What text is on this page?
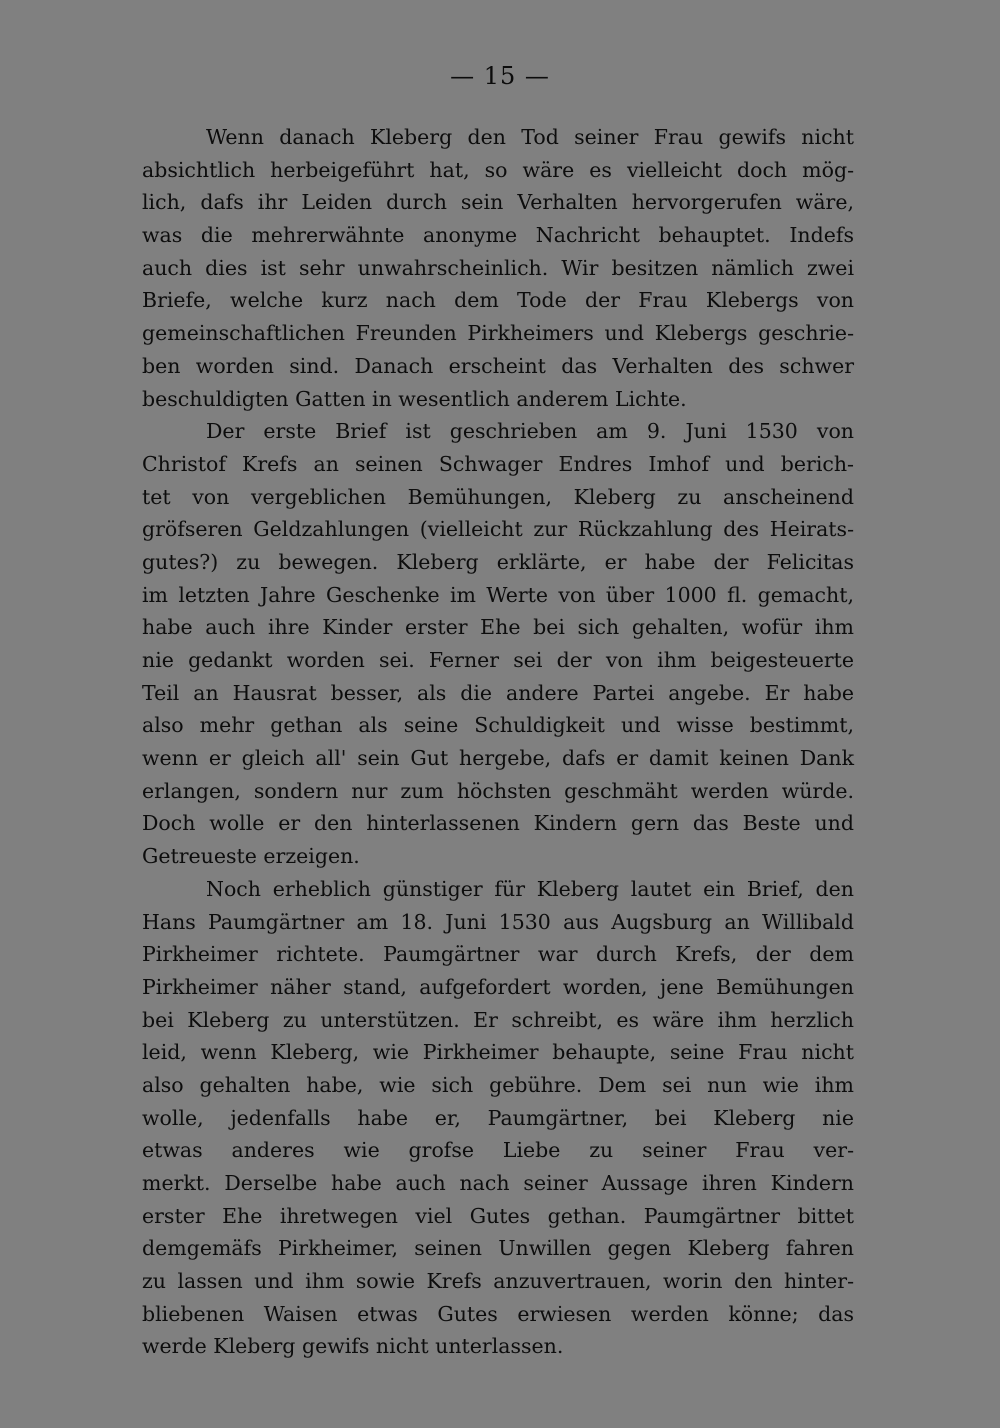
— 15 —
Wenn danach Kleberg den Tod seiner Frau gewifs nicht
absichtlich herbeigeführt hat, so wäre es vielleicht doch mög-
lich, dafs ihr Leiden durch sein Verhalten hervorgerufen wäre,
was die mehrerwähnte anonyme Nachricht behauptet. Indefs
auch dies ist sehr unwahrscheinlich. Wir besitzen nämlich zwei
Briefe, welche kurz nach dem Tode der Frau Klebergs von
gemeinschaftlichen Freunden Pirkheimers und Klebergs geschrie-
ben worden sind. Danach erscheint das Verhalten des schwer
beschuldigten Gatten in wesentlich anderem Lichte.
Der erste Brief ist geschrieben am 9. Juni 1530 von
Christof Krefs an seinen Schwager Endres Imhof und berich-
tet von vergeblichen Bemühungen, Kleberg zu anscheinend
gröfseren Geldzahlungen (vielleicht zur Rückzahlung des Heirats-
gutes?) zu bewegen. Kleberg erklärte, er habe der Felicitas
im letzten Jahre Geschenke im Werte von über 1000 fl. gemacht,
habe auch ihre Kinder erster Ehe bei sich gehalten, wofür ihm
nie gedankt worden sei. Ferner sei der von ihm beigesteuerte
Teil an Hausrat besser, als die andere Partei angebe. Er habe
also mehr gethan als seine Schuldigkeit und wisse bestimmt,
wenn er gleich all' sein Gut hergebe, dafs er damit keinen Dank
erlangen, sondern nur zum höchsten geschmäht werden würde.
Doch wolle er den hinterlassenen Kindern gern das Beste und
Getreueste erzeigen.
Noch erheblich günstiger für Kleberg lautet ein Brief, den
Hans Paumgärtner am 18. Juni 1530 aus Augsburg an Willibald
Pirkheimer richtete. Paumgärtner war durch Krefs, der dem
Pirkheimer näher stand, aufgefordert worden, jene Bemühungen
bei Kleberg zu unterstützen. Er schreibt, es wäre ihm herzlich
leid, wenn Kleberg, wie Pirkheimer behaupte, seine Frau nicht
also gehalten habe, wie sich gebühre. Dem sei nun wie ihm
wolle, jedenfalls habe er, Paumgärtner, bei Kleberg nie
etwas anderes wie grofse Liebe zu seiner Frau ver-
merkt. Derselbe habe auch nach seiner Aussage ihren Kindern
erster Ehe ihretwegen viel Gutes gethan. Paumgärtner bittet
demgemäfs Pirkheimer, seinen Unwillen gegen Kleberg fahren
zu lassen und ihm sowie Krefs anzuvertrauen, worin den hinter-
bliebenen Waisen etwas Gutes erwiesen werden könne; das
werde Kleberg gewifs nicht unterlassen.
